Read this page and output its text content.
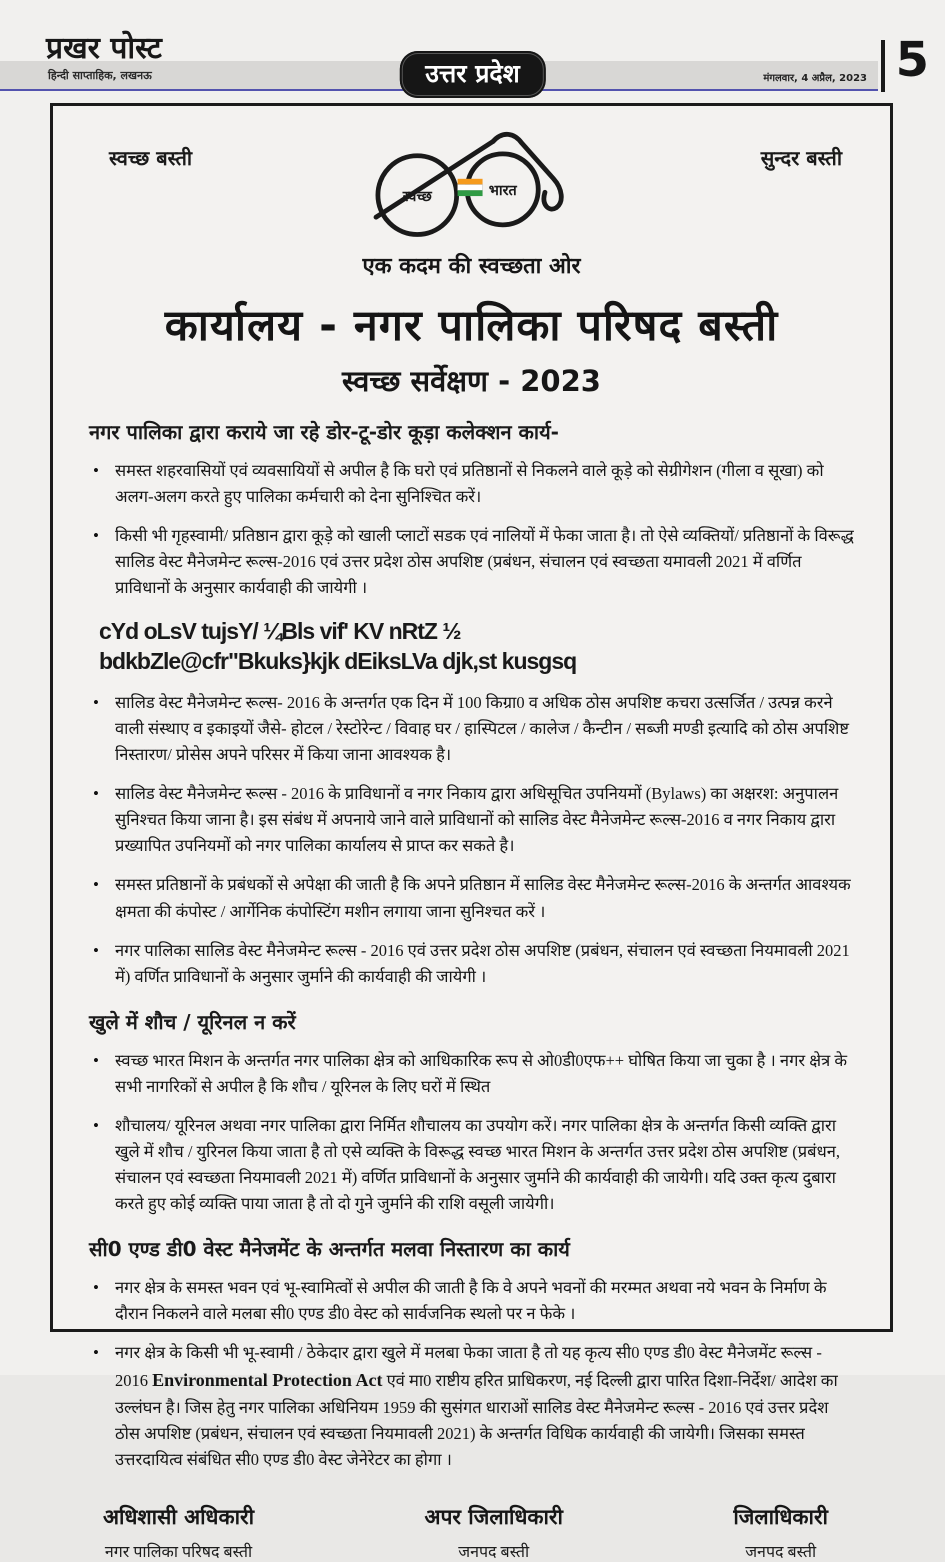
प्रखर पोस्ट
हिन्दी साप्ताहिक, लखनऊ	उत्तर प्रदेश	मंगलवार, 4 अप्रैल, 2023 5
स्वच्छ बस्ती	सुन्दर बस्ती
स्वच्छ	भारत
एक कदम की स्वच्छता ओर
कार्यालय - नगर पालिका परिषद बस्ती
स्वच्छ सर्वेक्षण - 2023
नगर पालिका द्वारा कराये जा रहे डोर-टू-डोर कूड़ा कलेक्शन कार्य-
• समस्त शहरवासियों एवं व्यवसायियों से अपील है कि घरो एवं प्रतिष्ठानों से निकलने वाले कूड़े को सेग्रीगेशन (गीला व सूखा) को अलग-अलग करते हुए पालिका कर्मचारी को देना सुनिश्चित करें।
• किसी भी गृहस्वामी/ प्रतिष्ठान द्वारा कूड़े को खाली प्लाटों सडक एवं नालियों में फेका जाता है। तो ऐसे व्यक्तियों/ प्रतिष्ठानों के विरूद्ध सालिड वेस्ट मैनेजमेन्ट रूल्स-2016 एवं उत्तर प्रदेश ठोस अपशिष्ट (प्रबंधन, संचालन एवं स्वच्छता यमावली 2021 में वर्णित प्राविधानों के अनुसार कार्यवाही की जायेगी ।
cYd oLsV tujsY/ ¼Bls vif' KV nRtZ ½
bdkbZle@cfr"Bkuks}kjk dEiksLVa djk,st kusgsq
• सालिड वेस्ट मैनेजमेन्ट रूल्स- 2016 के अन्तर्गत एक दिन में 100 किग्रा0 व अधिक ठोस अपशिष्ट कचरा उत्सर्जित / उत्पन्न करने वाली संस्थाए व इकाइयों जैसे- होटल / रेस्टोरेन्ट / विवाह घर / हास्पिटल / कालेज / कैन्टीन / सब्जी मण्डी इत्यादि को ठोस अपशिष्ट निस्तारण/ प्रोसेस अपने परिसर में किया जाना आवश्यक है।
• सालिड वेस्ट मैनेजमेन्ट रूल्स - 2016 के प्राविधानों व नगर निकाय द्वारा अधिसूचित उपनियमों (Bylaws) का अक्षरश: अनुपालन सुनिश्चत किया जाना है। इस संबंध में अपनाये जाने वाले प्राविधानों को सालिड वेस्ट मैनेजमेन्ट रूल्स-2016 व नगर निकाय द्वारा प्रख्यापित उपनियमों को नगर पालिका कार्यालय से प्राप्त कर सकते है।
• समस्त प्रतिष्ठानों के प्रबंधकों से अपेक्षा की जाती है कि अपने प्रतिष्ठान में सालिड वेस्ट मैनेजमेन्ट रूल्स-2016 के अन्तर्गत आवश्यक क्षमता की कंपोस्ट / आर्गेनिक कंपोस्टिंग मशीन लगाया जाना सुनिश्चत करें ।
• नगर पालिका सालिड वेस्ट मैनेजमेन्ट रूल्स - 2016 एवं उत्तर प्रदेश ठोस अपशिष्ट (प्रबंधन, संचालन एवं स्वच्छता नियमावली 2021 में) वर्णित प्राविधानों के अनुसार जुर्माने की कार्यवाही की जायेगी ।
खुले में शौच / यूरिनल न करें
• स्वच्छ भारत मिशन के अन्तर्गत नगर पालिका क्षेत्र को आधिकारिक रूप से ओ0डी0एफ++ घोषित किया जा चुका है । नगर क्षेत्र के सभी नागरिकों से अपील है कि शौच / यूरिनल के लिए घरों में स्थित
• शौचालय/ यूरिनल अथवा नगर पालिका द्वारा निर्मित शौचालय का उपयोग करें। नगर पालिका क्षेत्र के अन्तर्गत किसी व्यक्ति द्वारा खुले में शौच / युरिनल किया जाता है तो एसे व्यक्ति के विरूद्ध स्वच्छ भारत मिशन के अन्तर्गत उत्तर प्रदेश ठोस अपशिष्ट (प्रबंधन, संचालन एवं स्वच्छता नियमावली 2021 में) वर्णित प्राविधानों के अनुसार जुर्माने की कार्यवाही की जायेगी। यदि उक्त कृत्य दुबारा करते हुए कोई व्यक्ति पाया जाता है तो दो गुने जुर्माने की राशि वसूली जायेगी।
सी0 एण्ड डी0 वेस्ट मैनेजमेंट के अन्तर्गत मलवा निस्तारण का कार्य
• नगर क्षेत्र के समस्त भवन एवं भू-स्वामित्वों से अपील की जाती है कि वे अपने भवनों की मरम्मत अथवा नये भवन के निर्माण के दौरान निकलने वाले मलबा सी0 एण्ड डी0 वेस्ट को सार्वजनिक स्थलो पर न फेके ।
• नगर क्षेत्र के किसी भी भू-स्वामी / ठेकेदार द्वारा खुले में मलबा फेका जाता है तो यह कृत्य सी0 एण्ड डी0 वेस्ट मैनेजमेंट रूल्स - 2016 Environmental Protection Act एवं मा0 राष्टीय हरित प्राधिकरण, नई दिल्ली द्वारा पारित दिशा-निर्देश/ आदेश का उल्लंघन है। जिस हेतु नगर पालिका अधिनियम 1959 की सुसंगत धाराओं सालिड वेस्ट मैनेजमेन्ट रूल्स - 2016 एवं उत्तर प्रदेश ठोस अपशिष्ट (प्रबंधन, संचालन एवं स्वच्छता नियमावली 2021) के अन्तर्गत विधिक कार्यवाही की जायेगी। जिसका समस्त उत्तरदायित्व संबंधित सी0 एण्ड डी0 वेस्ट जेनेरेटर का होगा ।
अधिशासी अधिकारी
नगर पालिका परिषद बस्ती
अपर जिलाधिकारी
जनपद बस्ती
जिलाधिकारी
जनपद बस्ती
